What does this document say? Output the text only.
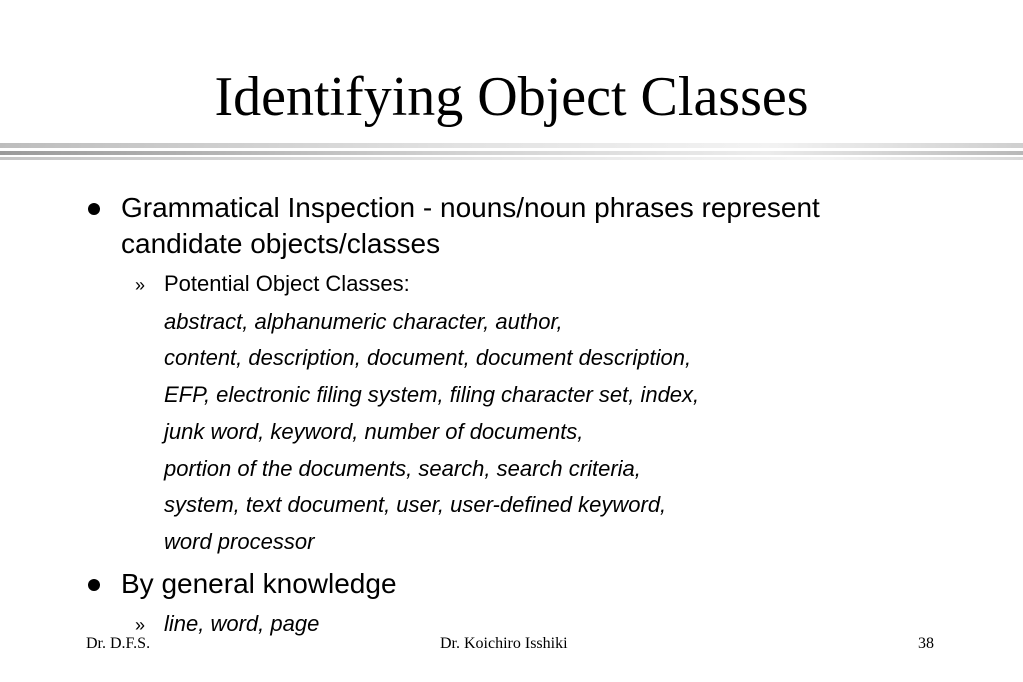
Identifying Object Classes
Grammatical Inspection - nouns/noun phrases represent
candidate objects/classes
» Potential Object Classes:
abstract, alphanumeric character, author,
content, description, document, document description,
EFP, electronic filing system, filing character set, index,
junk word, keyword, number of documents,
portion of the documents, search, search criteria,
system, text document, user, user-defined keyword,
word processor
By general knowledge
» line, word, page
Dr. D.F.S.	Dr. Koichiro Isshiki	38
